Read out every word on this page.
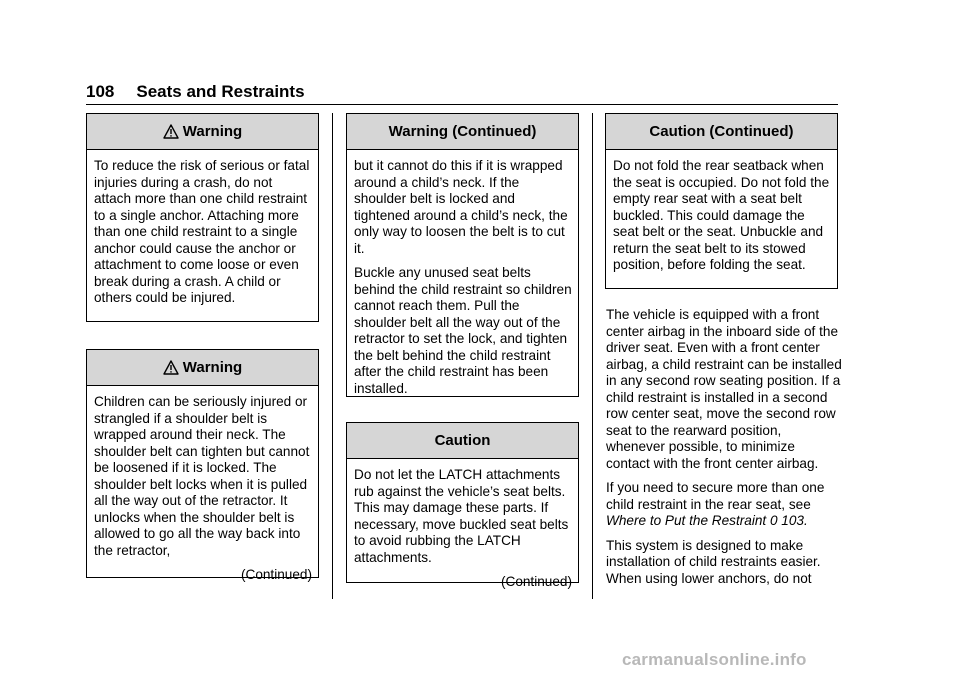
108 Seats and Restraints
Warning

To reduce the risk of serious or fatal injuries during a crash, do not attach more than one child restraint to a single anchor. Attaching more than one child restraint to a single anchor could cause the anchor or attachment to come loose or even break during a crash. A child or others could be injured.

Warning

Children can be seriously injured or strangled if a shoulder belt is wrapped around their neck. The shoulder belt can tighten but cannot be loosened if it is locked. The shoulder belt locks when it is pulled all the way out of the retractor. It unlocks when the shoulder belt is allowed to go all the way back into the retractor,

(Continued)

Warning (Continued)

but it cannot do this if it is wrapped around a child’s neck. If the shoulder belt is locked and tightened around a child’s neck, the only way to loosen the belt is to cut it.

Buckle any unused seat belts behind the child restraint so children cannot reach them. Pull the shoulder belt all the way out of the retractor to set the lock, and tighten the belt behind the child restraint after the child restraint has been installed.

Caution

Do not let the LATCH attachments rub against the vehicle’s seat belts. This may damage these parts. If necessary, move buckled seat belts to avoid rubbing the LATCH attachments.

(Continued)

Caution (Continued)

Do not fold the rear seatback when the seat is occupied. Do not fold the empty rear seat with a seat belt buckled. This could damage the seat belt or the seat. Unbuckle and return the seat belt to its stowed position, before folding the seat.

The vehicle is equipped with a front center airbag in the inboard side of the driver seat. Even with a front center airbag, a child restraint can be installed in any second row seating position. If a child restraint is installed in a second row center seat, move the second row seat to the rearward position, whenever possible, to minimize contact with the front center airbag.

If you need to secure more than one child restraint in the rear seat, see Where to Put the Restraint 0 103.

This system is designed to make installation of child restraints easier. When using lower anchors, do not

carmanualsonline.info
